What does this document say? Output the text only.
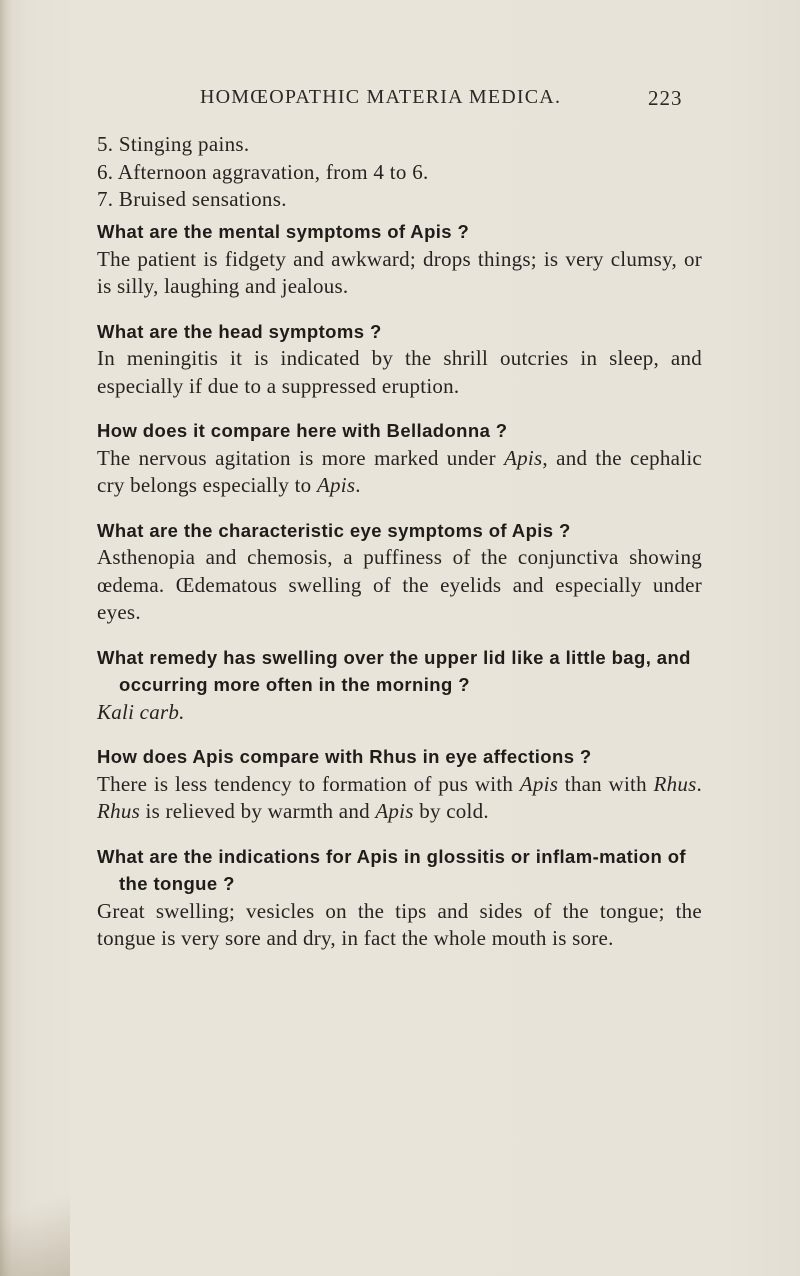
HOMŒOPATHIC MATERIA MEDICA.	223
5. Stinging pains.
6. Afternoon aggravation, from 4 to 6.
7. Bruised sensations.
What are the mental symptoms of Apis ?
The patient is fidgety and awkward; drops things; is very clumsy, or is silly, laughing and jealous.
What are the head symptoms ?
In meningitis it is indicated by the shrill outcries in sleep, and especially if due to a suppressed eruption.
How does it compare here with Belladonna ?
The nervous agitation is more marked under Apis, and the cephalic cry belongs especially to Apis.
What are the characteristic eye symptoms of Apis ?
Asthenopia and chemosis, a puffiness of the conjunctiva showing œdema. Œdematous swelling of the eyelids and especially under eyes.
What remedy has swelling over the upper lid like a little bag, and occurring more often in the morning ?
Kali carb.
How does Apis compare with Rhus in eye affections ?
There is less tendency to formation of pus with Apis than with Rhus. Rhus is relieved by warmth and Apis by cold.
What are the indications for Apis in glossitis or inflam-mation of the tongue ?
Great swelling; vesicles on the tips and sides of the tongue; the tongue is very sore and dry, in fact the whole mouth is sore.
